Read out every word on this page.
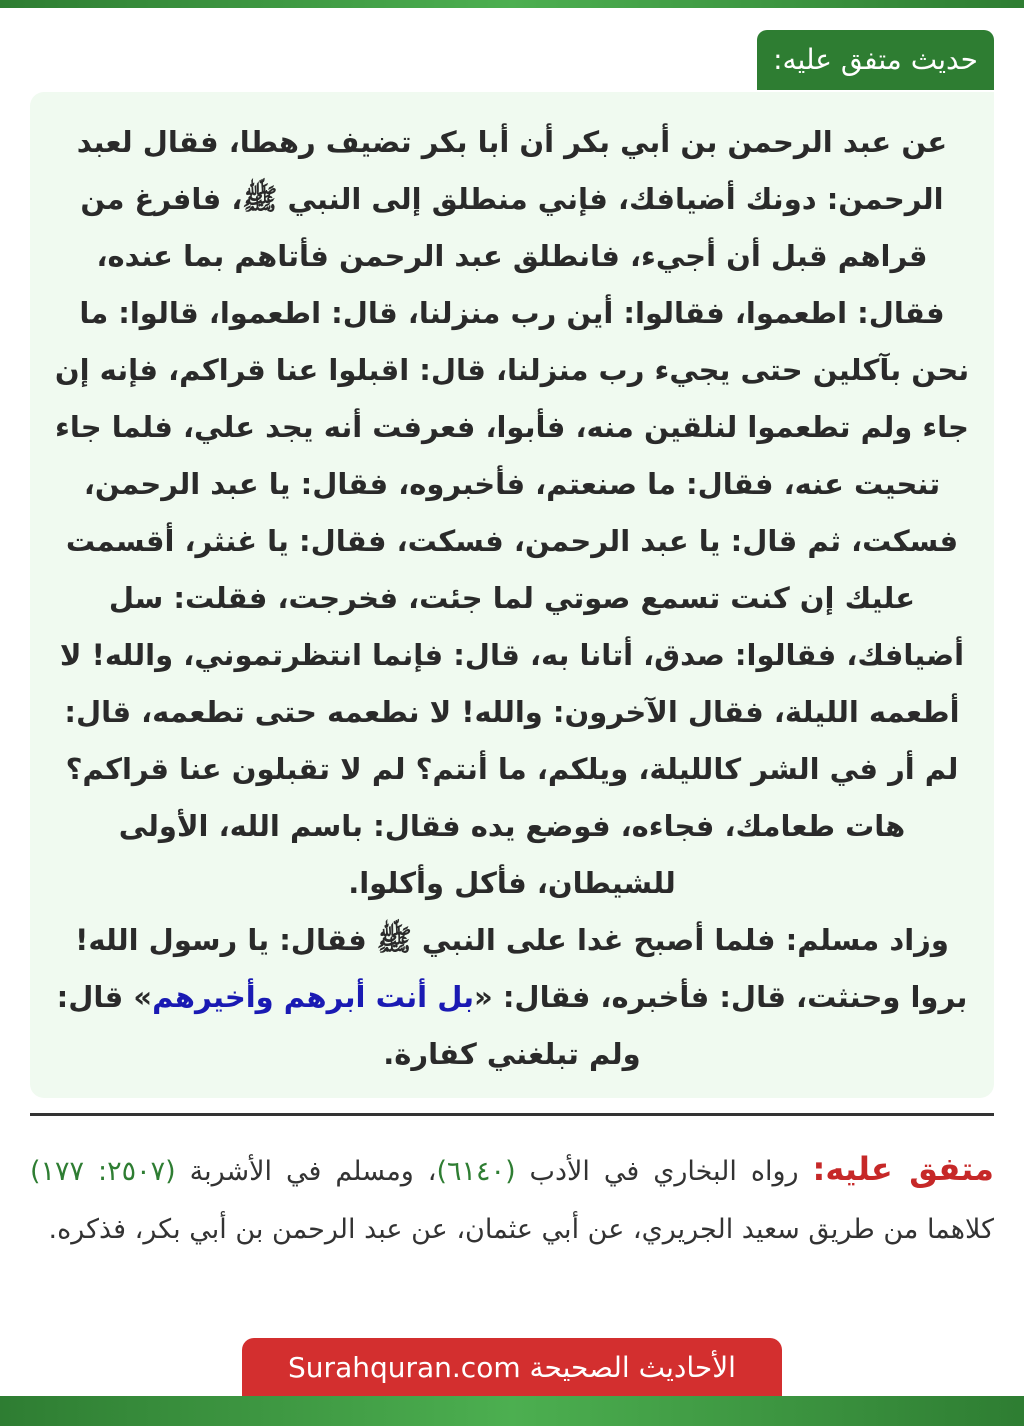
حديث متفق عليه:

عن عبد الرحمن بن أبي بكر أن أبا بكر تضيف رهطا، فقال لعبد الرحمن: دونك أضيافك، فإني منطلق إلى النبي ﷺ، فافرغ من قراهم قبل أن أجيء، فانطلق عبد الرحمن فأتاهم بما عنده، فقال: اطعموا، فقالوا: أين رب منزلنا، قال: اطعموا، قالوا: ما نحن بآكلين حتى يجيء رب منزلنا، قال: اقبلوا عنا قراكم، فإنه إن جاء ولم تطعموا لنلقين منه، فأبوا، فعرفت أنه يجد علي، فلما جاء تنحيت عنه، فقال: ما صنعتم، فأخبروه، فقال: يا عبد الرحمن، فسكت، ثم قال: يا عبد الرحمن، فسكت، فقال: يا غنثر، أقسمت عليك إن كنت تسمع صوتي لما جئت، فخرجت، فقلت: سل أضيافك، فقالوا: صدق، أتانا به، قال: فإنما انتظرتموني، والله! لا أطعمه الليلة، فقال الآخرون: والله! لا نطعمه حتى تطعمه، قال: لم أر في الشر كالليلة، ويلكم، ما أنتم؟ لم لا تقبلون عنا قراكم؟ هات طعامك، فجاءه، فوضع يده فقال: باسم الله، الأولى للشيطان، فأكل وأكلوا.
وزاد مسلم: فلما أصبح غدا على النبي ﷺ فقال: يا رسول الله! بروا وحنثت، قال: فأخبره، فقال: «بل أنت أبرهم وأخيرهم» قال: ولم تبلغني كفارة.

متفق عليه: رواه البخاري في الأدب (٦١٤٠)، ومسلم في الأشربة (٢٥٠٧: ١٧٧) كلاهما من طريق سعيد الجريري، عن أبي عثمان، عن عبد الرحمن بن أبي بكر، فذكره.

الأحاديث الصحيحة Surahquran.com
